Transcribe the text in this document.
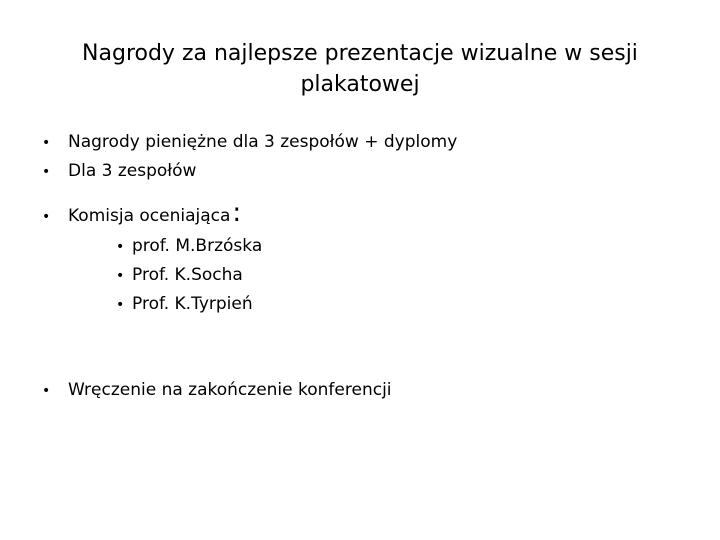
Nagrody za najlepsze prezentacje wizualne w sesji plakatowej
•	Nagrody pieniężne dla 3 zespołów + dyplomy
•	Dla 3 zespołów
•	Komisja oceniająca :
• prof. M.Brzóska
• Prof. K.Socha
• Prof. K.Tyrpień
•	Wręczenie na zakończenie konferencji
